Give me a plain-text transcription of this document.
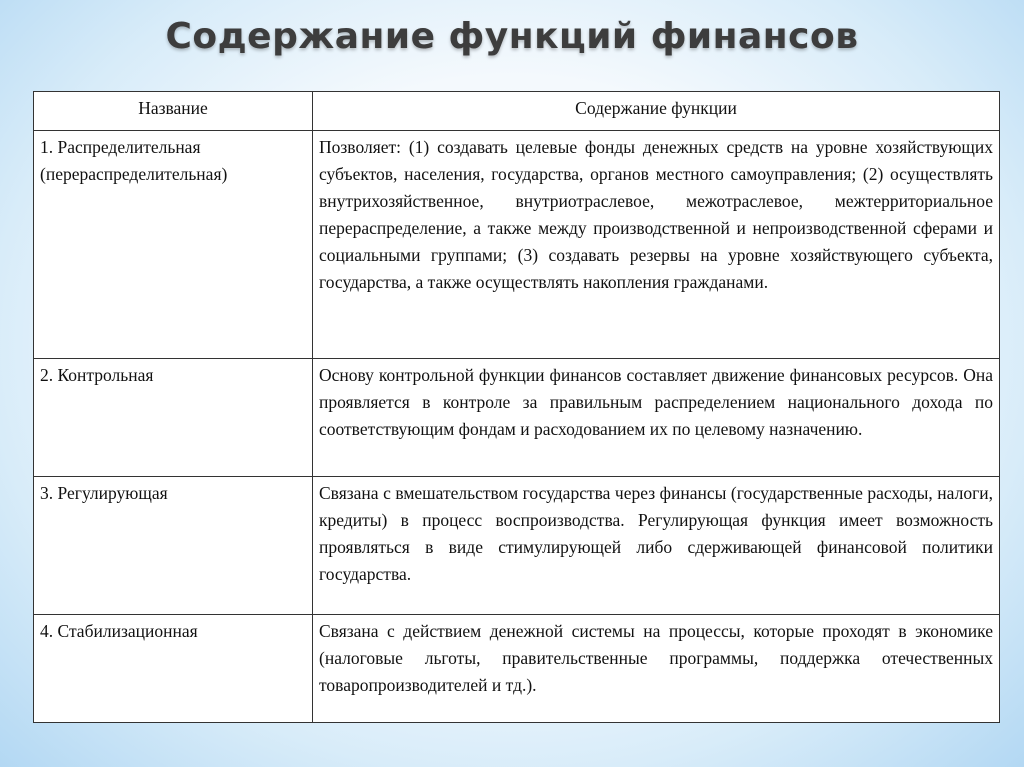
Содержание функций финансов
Название	Содержание функции
1. Распределительная (перераспределительная)	Позволяет: (1) создавать целевые фонды денежных средств на уровне хозяйствующих субъектов, населения, государства, органов местного самоуправления; (2) осуществлять внутрихозяйственное, внутриотраслевое, межотраслевое, межтерриториальное перераспределение, а также между производственной и непроизводственной сферами и социальными группами; (3) создавать резервы на уровне хозяйствующего субъекта, государства, а также осуществлять накопления гражданами.
2. Контрольная	Основу контрольной функции финансов составляет движение финансовых ресурсов. Она проявляется в контроле за правильным распределением национального дохода по соответствующим фондам и расходованием их по целевому назначению.
3. Регулирующая	Связана с вмешательством государства через финансы (государственные расходы, налоги, кредиты) в процесс воспроизводства. Регулирующая функция имеет возможность проявляться в виде стимулирующей либо сдерживающей финансовой политики государства.
4. Стабилизационная	Связана с действием денежной системы на процессы, которые проходят в экономике (налоговые льготы, правительственные программы, поддержка отечественных товаропроизводителей и тд.).
